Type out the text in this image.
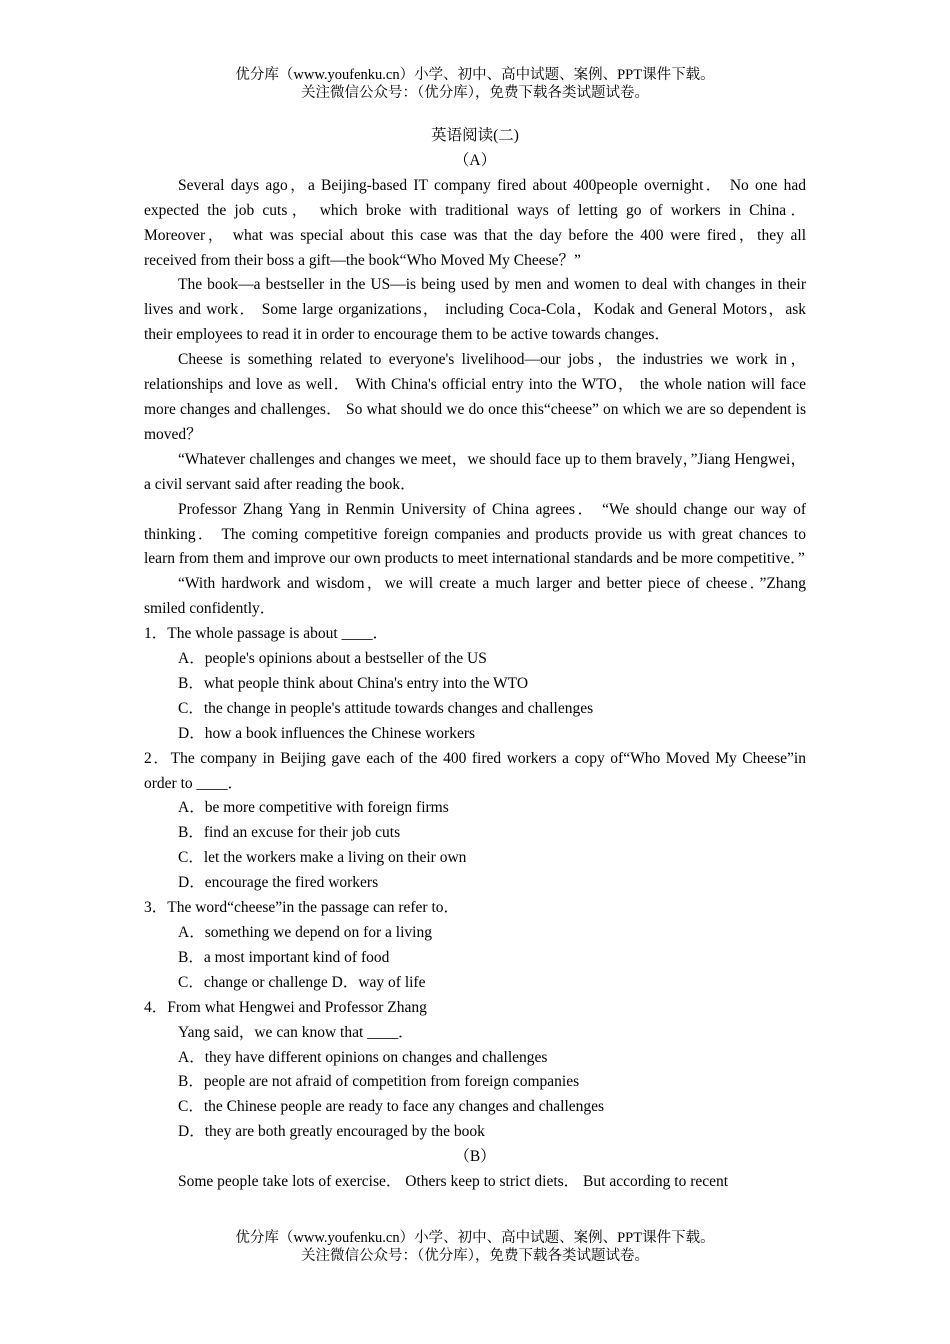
优分库（www.youfenku.cn）小学、初中、高中试题、案例、PPT课件下载。
关注微信公众号：（优分库），免费下载各类试题试卷。

英语阅读(二)

（A）

Several days ago，a Beijing-based IT company fired about 400people overnight． No one had expected the job cuts， which broke with traditional ways of letting go of workers in China． Moreover， what was special about this case was that the day before the 400 were fired，they all received from their boss a gift—the book“Who Moved My Cheese？”

The book—a bestseller in the US—is being used by men and women to deal with changes in their lives and work． Some large organizations， including Coca-Cola，Kodak and General Motors，ask their employees to read it in order to encourage them to be active towards changes．

Cheese is something related to everyone's livelihood—our jobs，the industries we work in，relationships and love as well． With China's official entry into the WTO， the whole nation will face more changes and challenges． So what should we do once this“cheese” on which we are so dependent is moved？

“Whatever challenges and changes we meet，we should face up to them bravely，”Jiang Hengwei，a civil servant said after reading the book．

Professor Zhang Yang in Renmin University of China agrees． “We should change our way of thinking． The coming competitive foreign companies and products provide us with great chances to learn from them and improve our own products to meet international standards and be more competitive．”

“With hardwork and wisdom，we will create a much larger and better piece of cheese．”Zhang smiled confidently．

1．The whole passage is about ____．

A．people's opinions about a bestseller of the US

B．what people think about China's entry into the WTO

C．the change in people's attitude towards changes and challenges

D．how a book influences the Chinese workers

2．The company in Beijing gave each of the 400 fired workers a copy of“Who Moved My Cheese”in order to ____．

A．be more competitive with foreign firms

B．find an excuse for their job cuts

C．let the workers make a living on their own

D．encourage the fired workers

3．The word“cheese”in the passage can refer to．

A．something we depend on for a living

B．a most important kind of food

C．change or challenge D．way of life

4．From what Hengwei and Professor Zhang

Yang said，we can know that ____．

A．they have different opinions on changes and challenges

B．people are not afraid of competition from foreign companies

C．the Chinese people are ready to face any changes and challenges

D．they are both greatly encouraged by the book

（B）

Some people take lots of exercise． Others keep to strict diets． But according to recent

优分库（www.youfenku.cn）小学、初中、高中试题、案例、PPT课件下载。
关注微信公众号：（优分库），免费下载各类试题试卷。
